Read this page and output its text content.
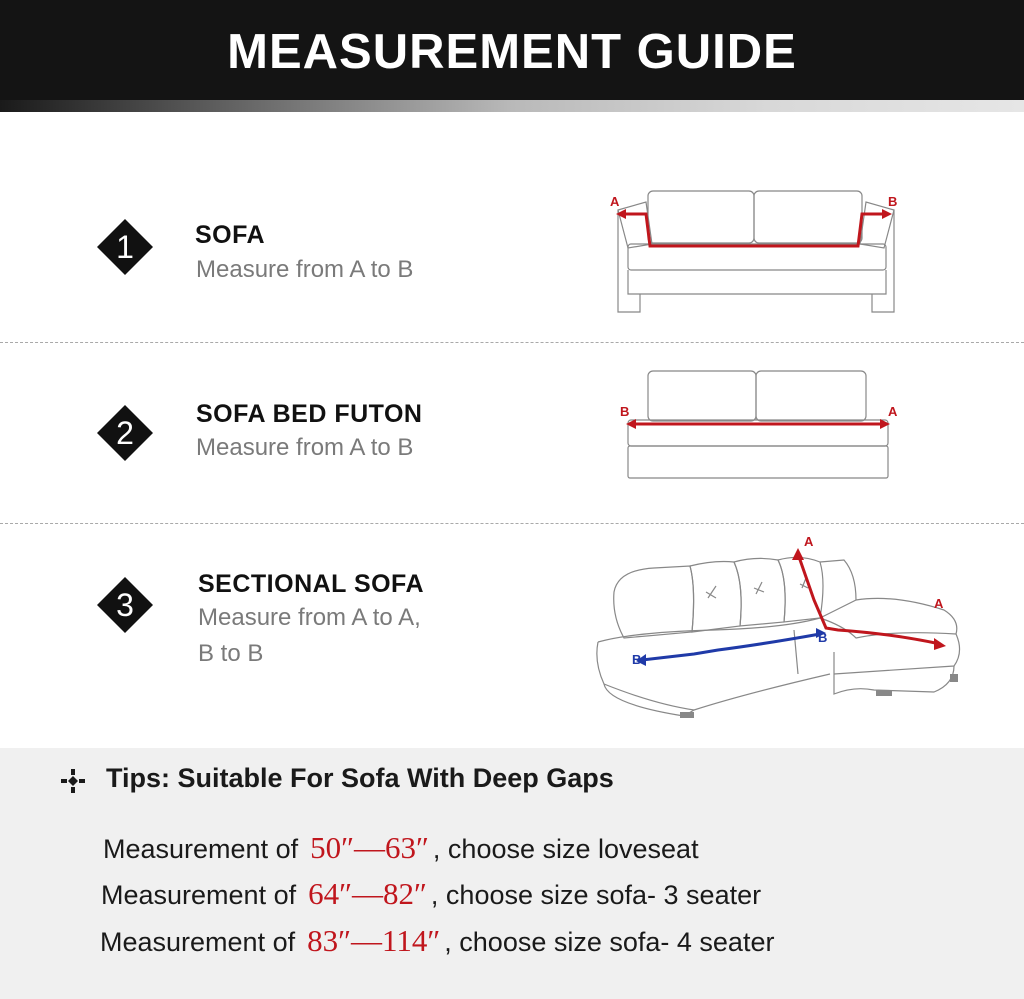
MEASUREMENT GUIDE
1 SOFA
Measure from A to B
A	B
2
SOFA BED FUTON
Measure from A to B
B	A
3
SECTIONAL SOFA
Measure from A to A,
B to B
A
A
B
B
Tips: Suitable For Sofa With Deep Gaps
Measurement of 50″—63″ , choose size loveseat
Measurement of 64″—82″ , choose size sofa- 3 seater
Measurement of 83″—114″ , choose size sofa- 4 seater
